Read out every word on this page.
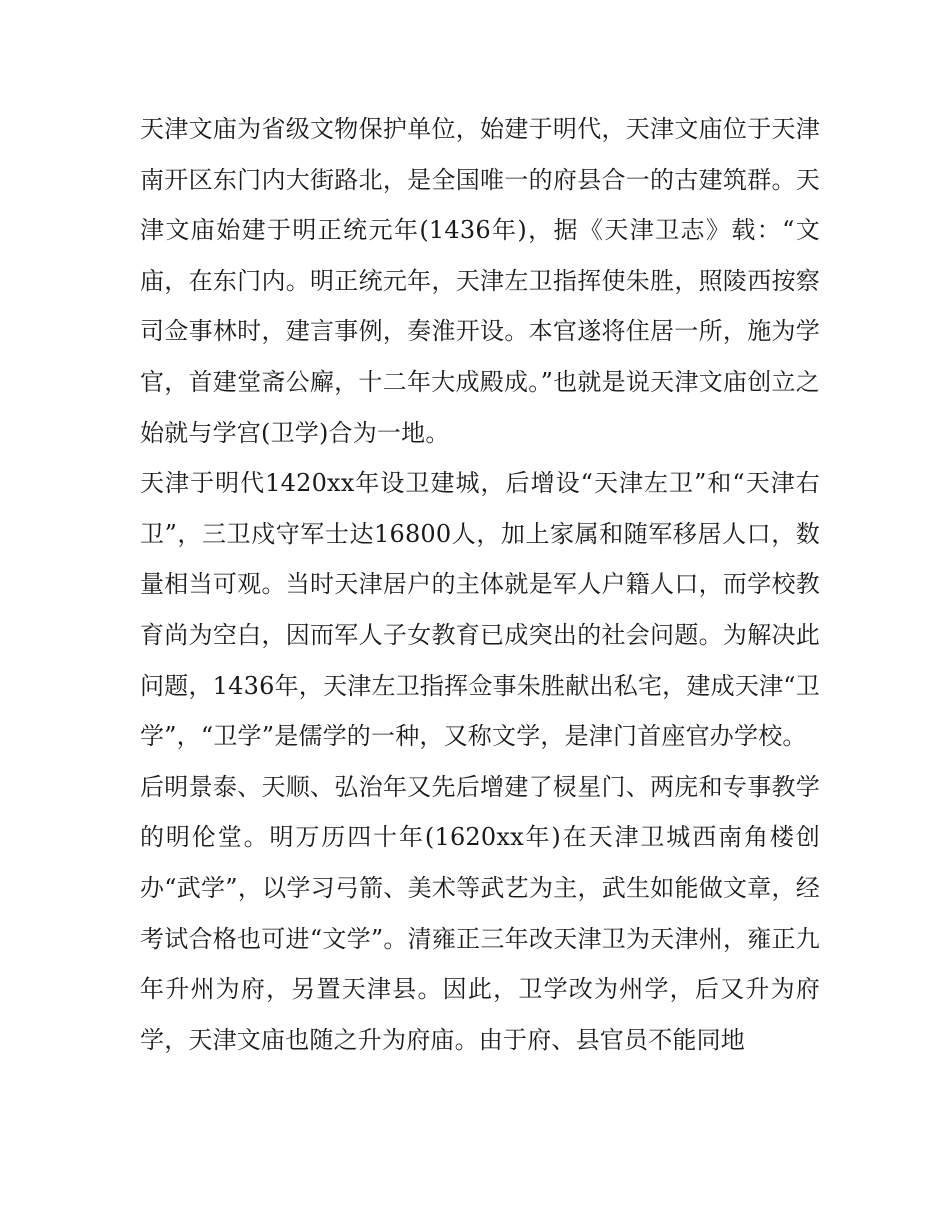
天津文庙为省级文物保护单位，始建于明代，天津文庙位于天津南开区东门内大街路北，是全国唯一的府县合一的古建筑群。天津文庙始建于明正统元年(1436年)，据《天津卫志》载：“文庙，在东门内。明正统元年，天津左卫指挥使朱胜，照陵西按察司佥事林时，建言事例，奏淮开设。本官遂将住居一所，施为学官，首建堂斋公廨，十二年大成殿成。”也就是说天津文庙创立之始就与学宫(卫学)合为一地。

天津于明代1420xx年设卫建城，后增设“天津左卫”和“天津右卫”，三卫戍守军士达16800人，加上家属和随军移居人口，数量相当可观。当时天津居户的主体就是军人户籍人口，而学校教育尚为空白，因而军人子女教育已成突出的社会问题。为解决此问题，1436年，天津左卫指挥佥事朱胜献出私宅，建成天津“卫学”，“卫学”是儒学的一种，又称文学，是津门首座官办学校。

后明景泰、天顺、弘治年又先后增建了棂星门、两庑和专事教学的明伦堂。明万历四十年(1620xx年)在天津卫城西南角楼创办“武学”，以学习弓箭、美术等武艺为主，武生如能做文章，经考试合格也可进“文学”。清雍正三年改天津卫为天津州，雍正九年升州为府，另置天津县。因此，卫学改为州学，后又升为府学，天津文庙也随之升为府庙。由于府、县官员不能同地
